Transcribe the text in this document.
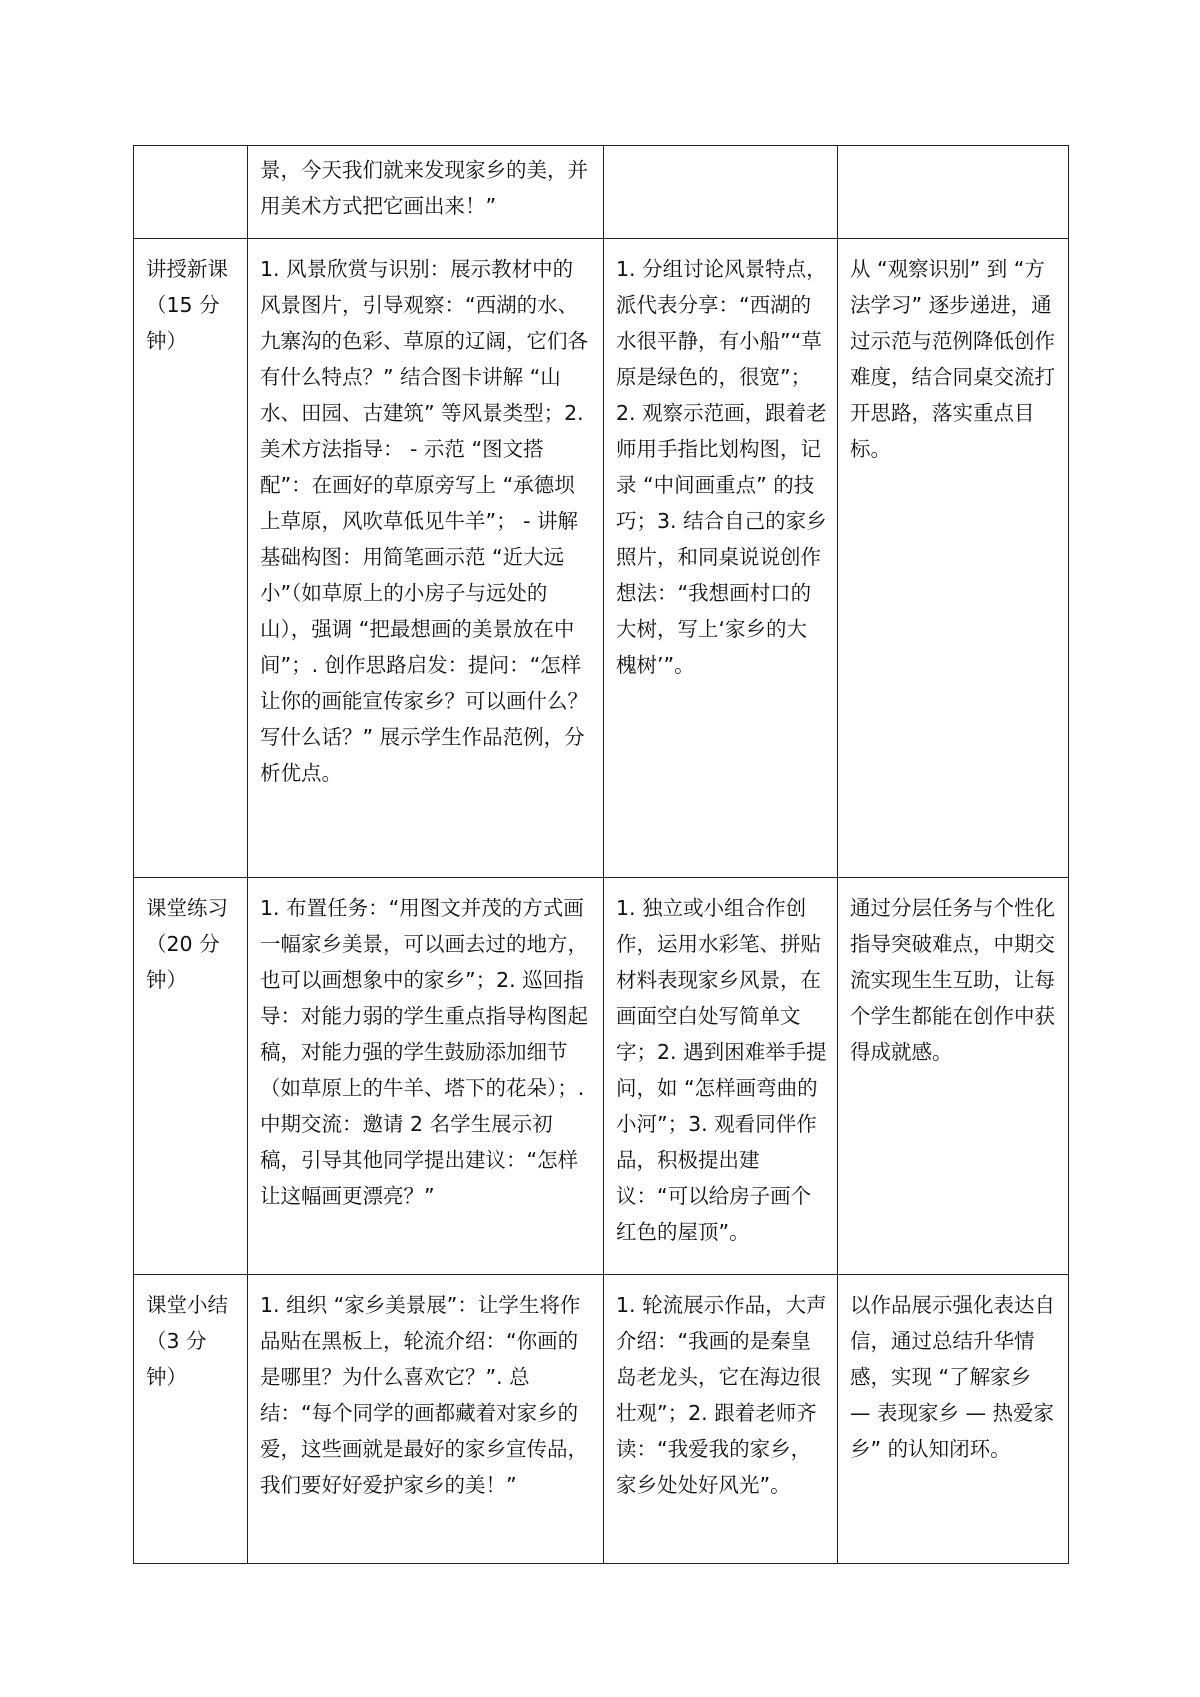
	景，今天我们就来发现家乡的美，并用美术方式把它画出来！”		

讲授新课（15 分钟）	1. 风景欣赏与识别：展示教材中的风景图片，引导观察：“西湖的水、九寨沟的色彩、草原的辽阔，它们各有什么特点？” 结合图卡讲解 “山水、田园、古建筑” 等风景类型；2. 美术方法指导： - 示范 “图文搭配”：在画好的草原旁写上 “承德坝上草原，风吹草低见牛羊”； - 讲解基础构图：用简笔画示范 “近大远小”（如草原上的小房子与远处的山），强调 “把最想画的美景放在中间”；. 创作思路启发：提问：“怎样让你的画能宣传家乡？可以画什么？写什么话？” 展示学生作品范例，分析优点。	1. 分组讨论风景特点，派代表分享：“西湖的水很平静，有小船”“草原是绿色的，很宽”；2. 观察示范画，跟着老师用手指比划构图，记录 “中间画重点” 的技巧；3. 结合自己的家乡照片，和同桌说说创作想法：“我想画村口的大树，写上‘家乡的大槐树’”。	从 “观察识别” 到 “方法学习” 逐步递进，通过示范与范例降低创作难度，结合同桌交流打开思路，落实重点目标。

课堂练习（20 分钟）	1. 布置任务：“用图文并茂的方式画一幅家乡美景，可以画去过的地方，也可以画想象中的家乡”；2. 巡回指导：对能力弱的学生重点指导构图起稿，对能力强的学生鼓励添加细节（如草原上的牛羊、塔下的花朵）；. 中期交流：邀请 2 名学生展示初稿，引导其他同学提出建议：“怎样让这幅画更漂亮？”	1. 独立或小组合作创作，运用水彩笔、拼贴材料表现家乡风景，在画面空白处写简单文字；2. 遇到困难举手提问，如 “怎样画弯曲的小河”；3. 观看同伴作品，积极提出建议：“可以给房子画个红色的屋顶”。	通过分层任务与个性化指导突破难点，中期交流实现生生互助，让每个学生都能在创作中获得成就感。

课堂小结（3 分钟）	1. 组织 “家乡美景展”：让学生将作品贴在黑板上，轮流介绍：“你画的是哪里？为什么喜欢它？”. 总结：“每个同学的画都藏着对家乡的爱，这些画就是最好的家乡宣传品，我们要好好爱护家乡的美！”	1. 轮流展示作品，大声介绍：“我画的是秦皇岛老龙头，它在海边很壮观”；2. 跟着老师齐读：“我爱我的家乡，家乡处处好风光”。	以作品展示强化表达自信，通过总结升华情感，实现 “了解家乡 — 表现家乡 — 热爱家乡” 的认知闭环。
